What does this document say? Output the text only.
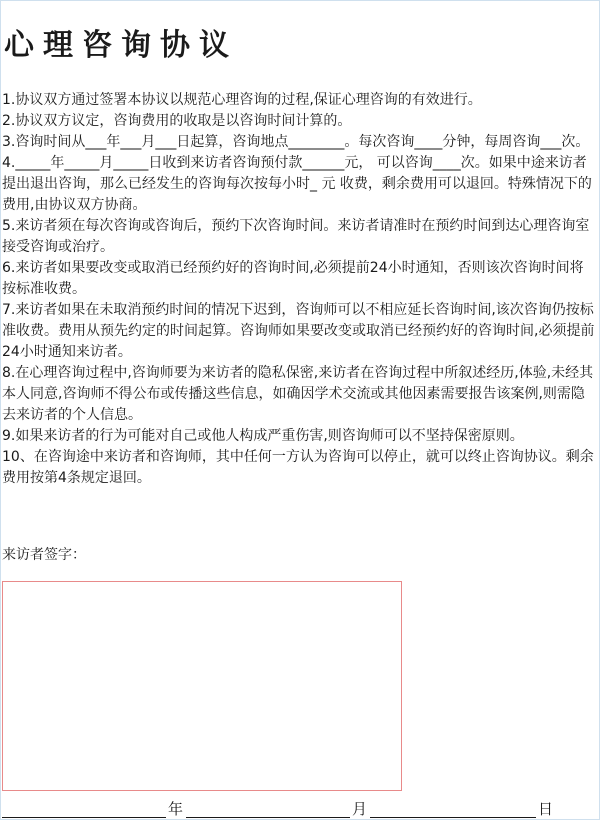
心理咨询协议

1.协议双方通过签署本协议以规范心理咨询的过程,保证心理咨询的有效进行。

2.协议双方议定，咨询费用的收取是以咨询时间计算的。

3.咨询时间从___年___月___日起算，咨询地点________。每次咨询____分钟，每周咨询___次。

4._____年_____月_____日收到来访者咨询预付款______元， 可以咨询____次。如果中途来访者提出退出咨询，那么已经发生的咨询每次按每小时_ 元 收费，剩余费用可以退回。特殊情况下的费用,由协议双方协商。

5.来访者须在每次咨询或咨询后，预约下次咨询时间。来访者请准时在预约时间到达心理咨询室接受咨询或治疗。

6.来访者如果要改变或取消已经预约好的咨询时间,必须提前24小时通知，否则该次咨询时间将按标准收费。

7.来访者如果在未取消预约时间的情况下迟到，咨询师可以不相应延长咨询时间,该次咨询仍按标准收费。费用从预先约定的时间起算。咨询师如果要改变或取消已经预约好的咨询时间,必须提前24小时通知来访者。

8.在心理咨询过程中,咨询师要为来访者的隐私保密,来访者在咨询过程中所叙述经历,体验,未经其本人同意,咨询师不得公布或传播这些信息，如确因学术交流或其他因素需要报告该案例,则需隐去来访者的个人信息。

9.如果来访者的行为可能对自己或他人构成严重伤害,则咨询师可以不坚持保密原则。

10、在咨询途中来访者和咨询师，其中任何一方认为咨询可以停止，就可以终止咨询协议。剩余费用按第4条规定退回。

来访者签字：
年	月	日
